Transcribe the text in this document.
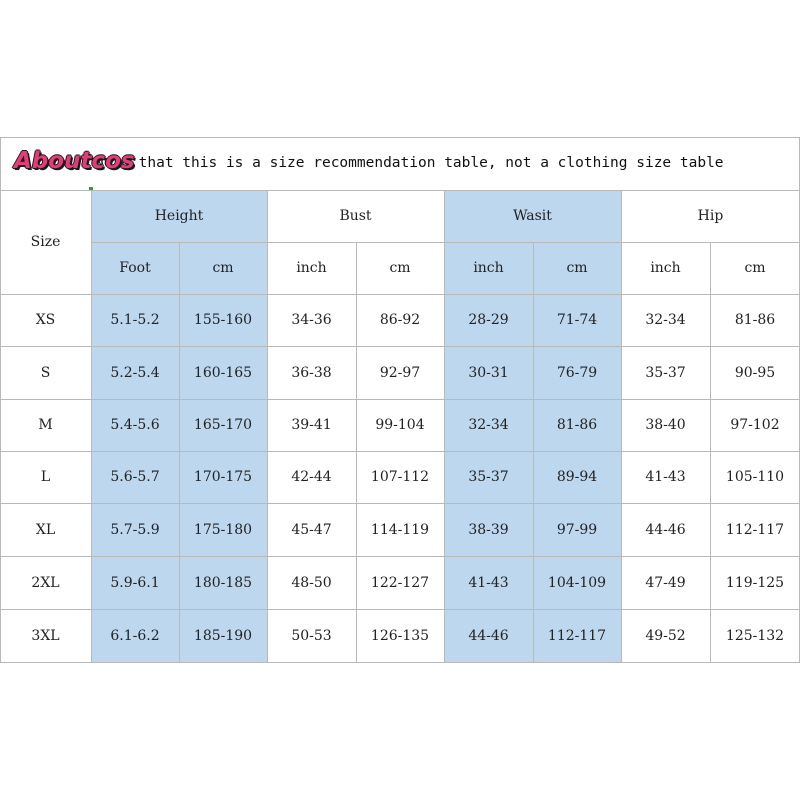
Note that this is a size recommendation table, not a clothing size table
Aboutcos
Size
Height	Bust	Wasit	Hip
Foot	cm	inch	cm	inch	cm	inch	cm
XS	5.1-5.2	155-160	34-36	86-92	28-29	71-74	32-34	81-86
S	5.2-5.4	160-165	36-38	92-97	30-31	76-79	35-37	90-95
M	5.4-5.6	165-170	39-41	99-104	32-34	81-86	38-40	97-102
L	5.6-5.7	170-175	42-44	107-112	35-37	89-94	41-43	105-110
XL	5.7-5.9	175-180	45-47	114-119	38-39	97-99	44-46	112-117
2XL	5.9-6.1	180-185	48-50	122-127	41-43	104-109	47-49	119-125
3XL	6.1-6.2	185-190	50-53	126-135	44-46	112-117	49-52	125-132
